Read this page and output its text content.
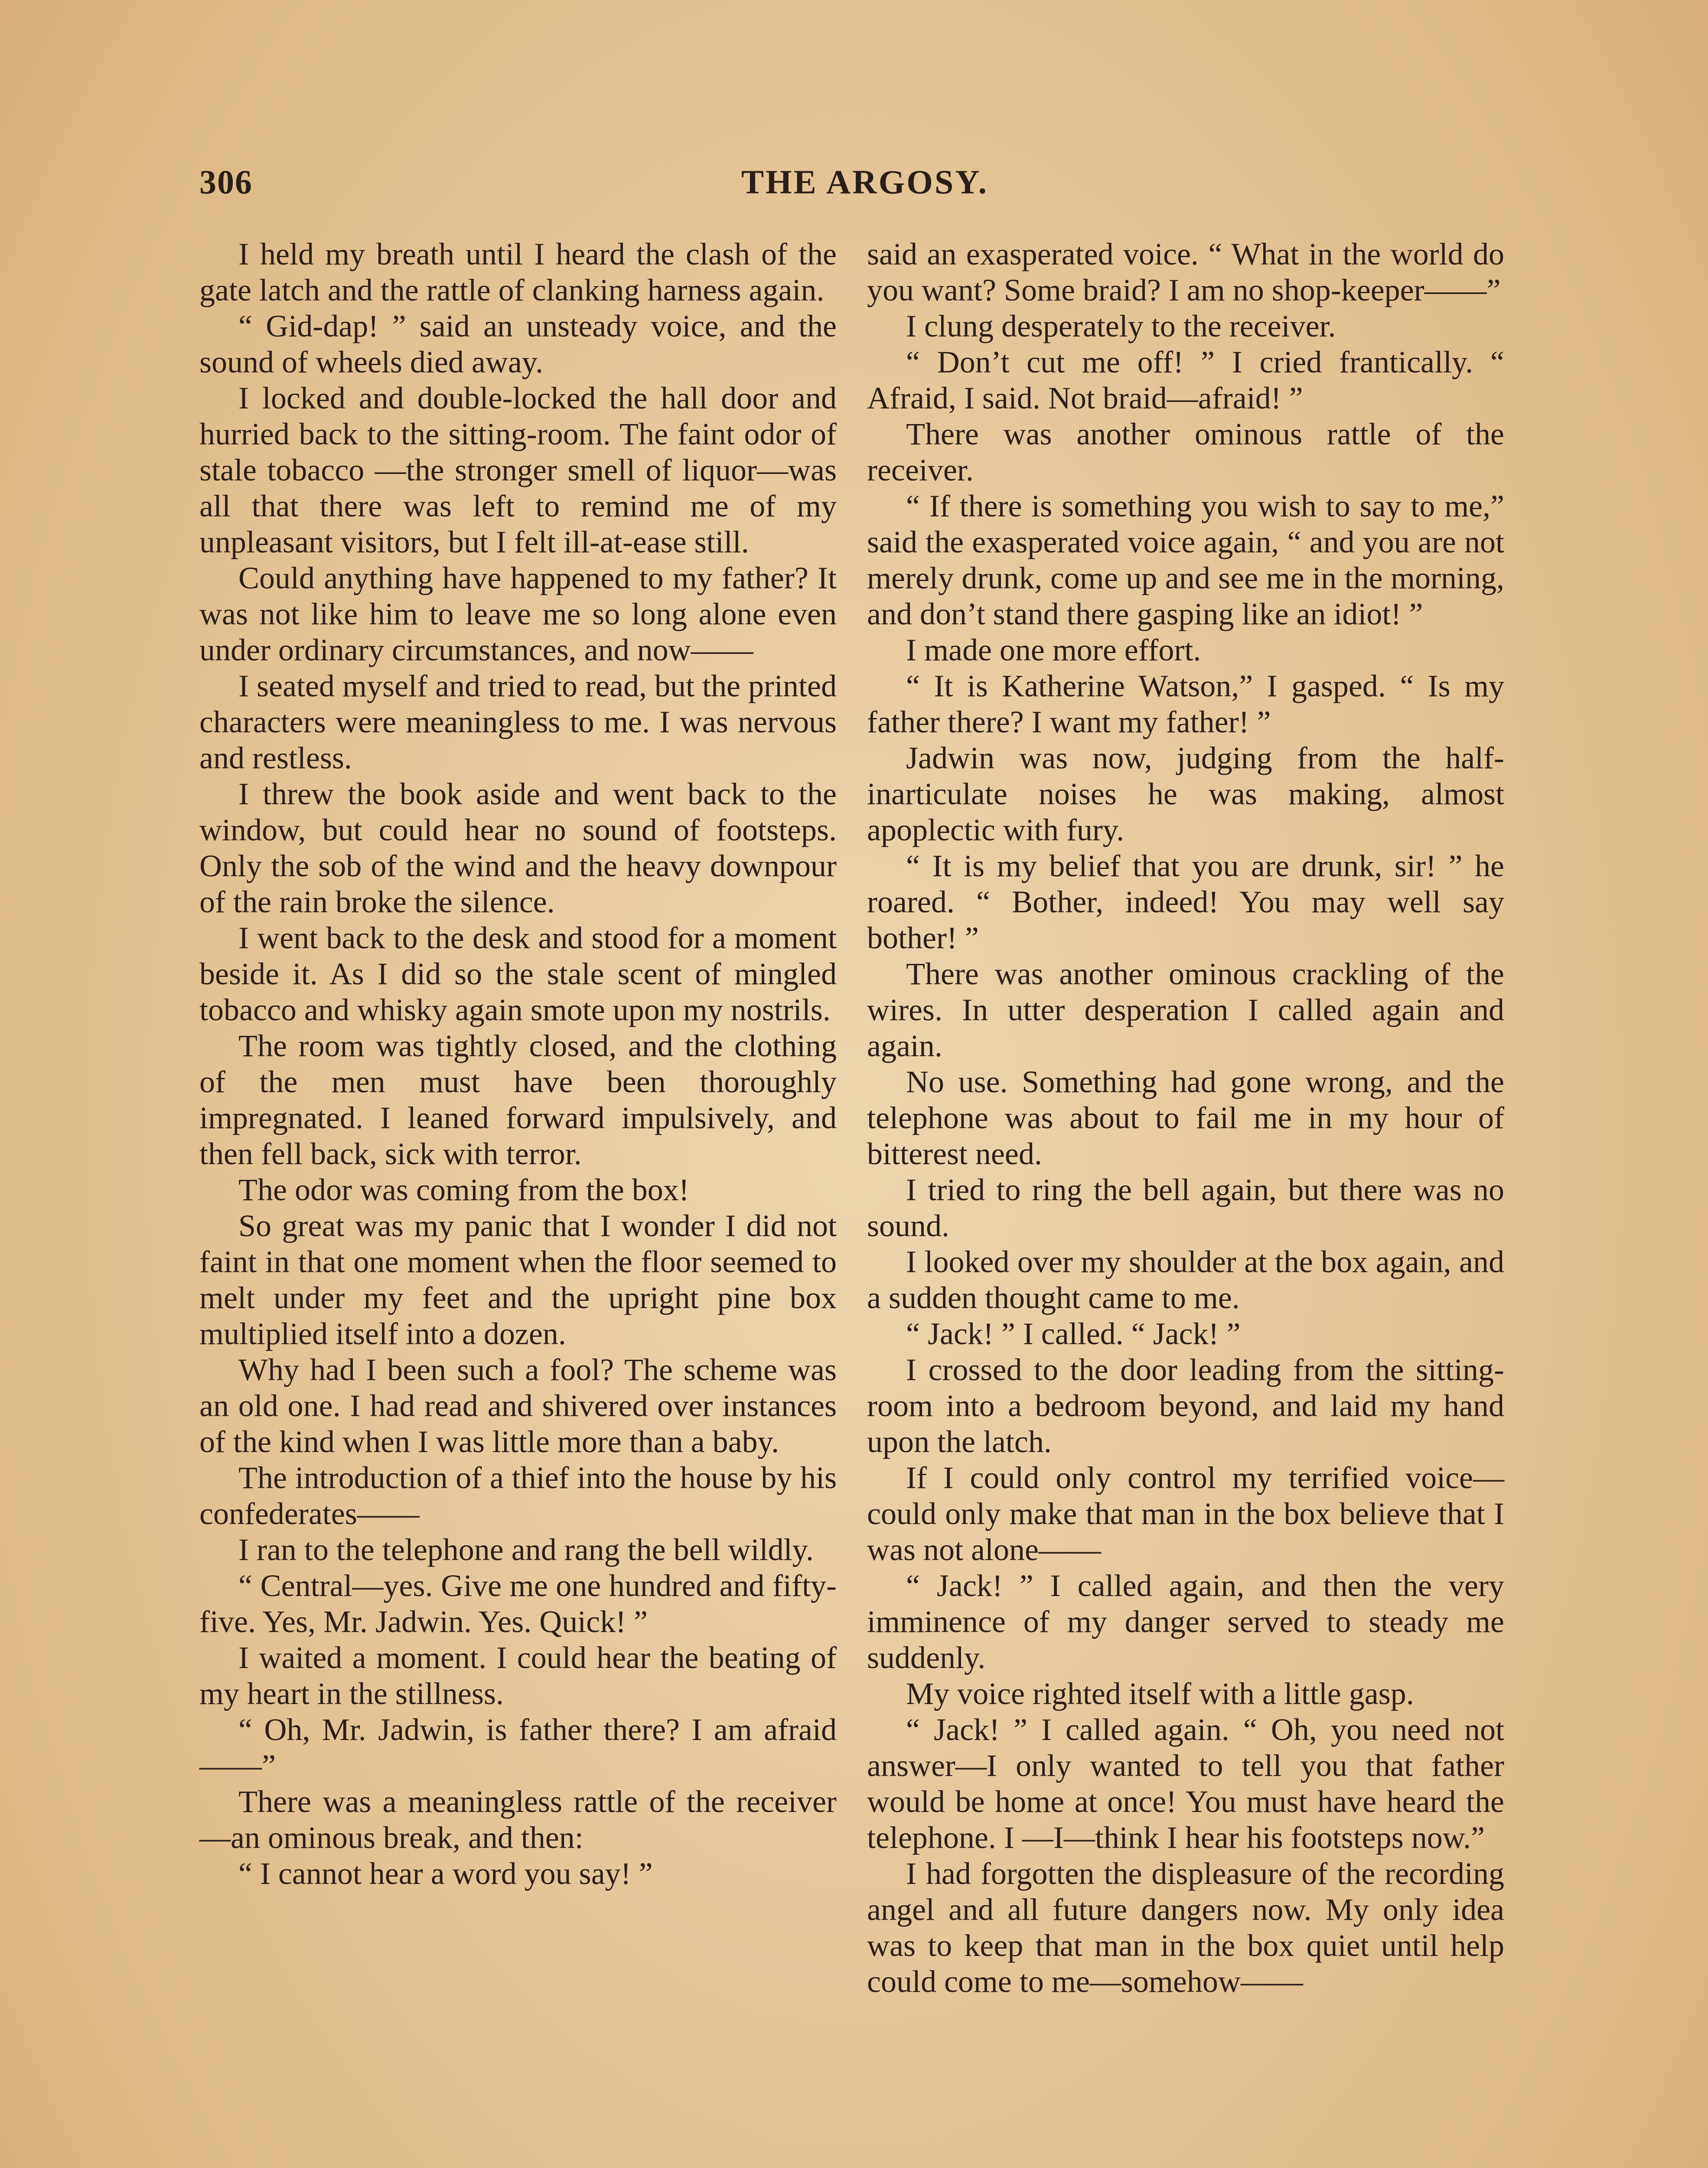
306	THE ARGOSY.

I held my breath until I heard the clash of the gate latch and the rattle of clanking harness again.

“ Gid-dap! ” said an unsteady voice, and the sound of wheels died away.

I locked and double-locked the hall door and hurried back to the sitting-room. The faint odor of stale tobacco —the stronger smell of liquor—was all that there was left to remind me of my unpleasant visitors, but I felt ill-at-ease still.

Could anything have happened to my father? It was not like him to leave me so long alone even under ordinary circumstances, and now——

I seated myself and tried to read, but the printed characters were meaningless to me. I was nervous and restless.

I threw the book aside and went back to the window, but could hear no sound of footsteps. Only the sob of the wind and the heavy downpour of the rain broke the silence.

I went back to the desk and stood for a moment beside it. As I did so the stale scent of mingled tobacco and whisky again smote upon my nostrils.

The room was tightly closed, and the clothing of the men must have been thoroughly impregnated. I leaned forward impulsively, and then fell back, sick with terror.

The odor was coming from the box!

So great was my panic that I wonder I did not faint in that one moment when the floor seemed to melt under my feet and the upright pine box multiplied itself into a dozen.

Why had I been such a fool? The scheme was an old one. I had read and shivered over instances of the kind when I was little more than a baby.

The introduction of a thief into the house by his confederates——

I ran to the telephone and rang the bell wildly.

“ Central—yes. Give me one hundred and fifty-five. Yes, Mr. Jadwin. Yes. Quick! ”

I waited a moment. I could hear the beating of my heart in the stillness.

“ Oh, Mr. Jadwin, is father there? I am afraid——”

There was a meaningless rattle of the receiver—an ominous break, and then:

“ I cannot hear a word you say! ”

said an exasperated voice. “ What in the world do you want? Some braid? I am no shop-keeper——”

I clung desperately to the receiver.

“ Don’t cut me off! ” I cried frantically. “ Afraid, I said. Not braid—afraid! ”

There was another ominous rattle of the receiver.

“ If there is something you wish to say to me,” said the exasperated voice again, “ and you are not merely drunk, come up and see me in the morning, and don’t stand there gasping like an idiot! ”

I made one more effort.

“ It is Katherine Watson,” I gasped. “ Is my father there? I want my father! ”

Jadwin was now, judging from the half-inarticulate noises he was making, almost apoplectic with fury.

“ It is my belief that you are drunk, sir! ” he roared. “ Bother, indeed! You may well say bother! ”

There was another ominous crackling of the wires. In utter desperation I called again and again.

No use. Something had gone wrong, and the telephone was about to fail me in my hour of bitterest need.

I tried to ring the bell again, but there was no sound.

I looked over my shoulder at the box again, and a sudden thought came to me.

“ Jack! ” I called. “ Jack! ”

I crossed to the door leading from the sitting-room into a bedroom beyond, and laid my hand upon the latch.

If I could only control my terrified voice—could only make that man in the box believe that I was not alone——

“ Jack! ” I called again, and then the very imminence of my danger served to steady me suddenly.

My voice righted itself with a little gasp.

“ Jack! ” I called again. “ Oh, you need not answer—I only wanted to tell you that father would be home at once! You must have heard the telephone. I —I—think I hear his footsteps now.”

I had forgotten the displeasure of the recording angel and all future dangers now. My only idea was to keep that man in the box quiet until help could come to me—somehow——
